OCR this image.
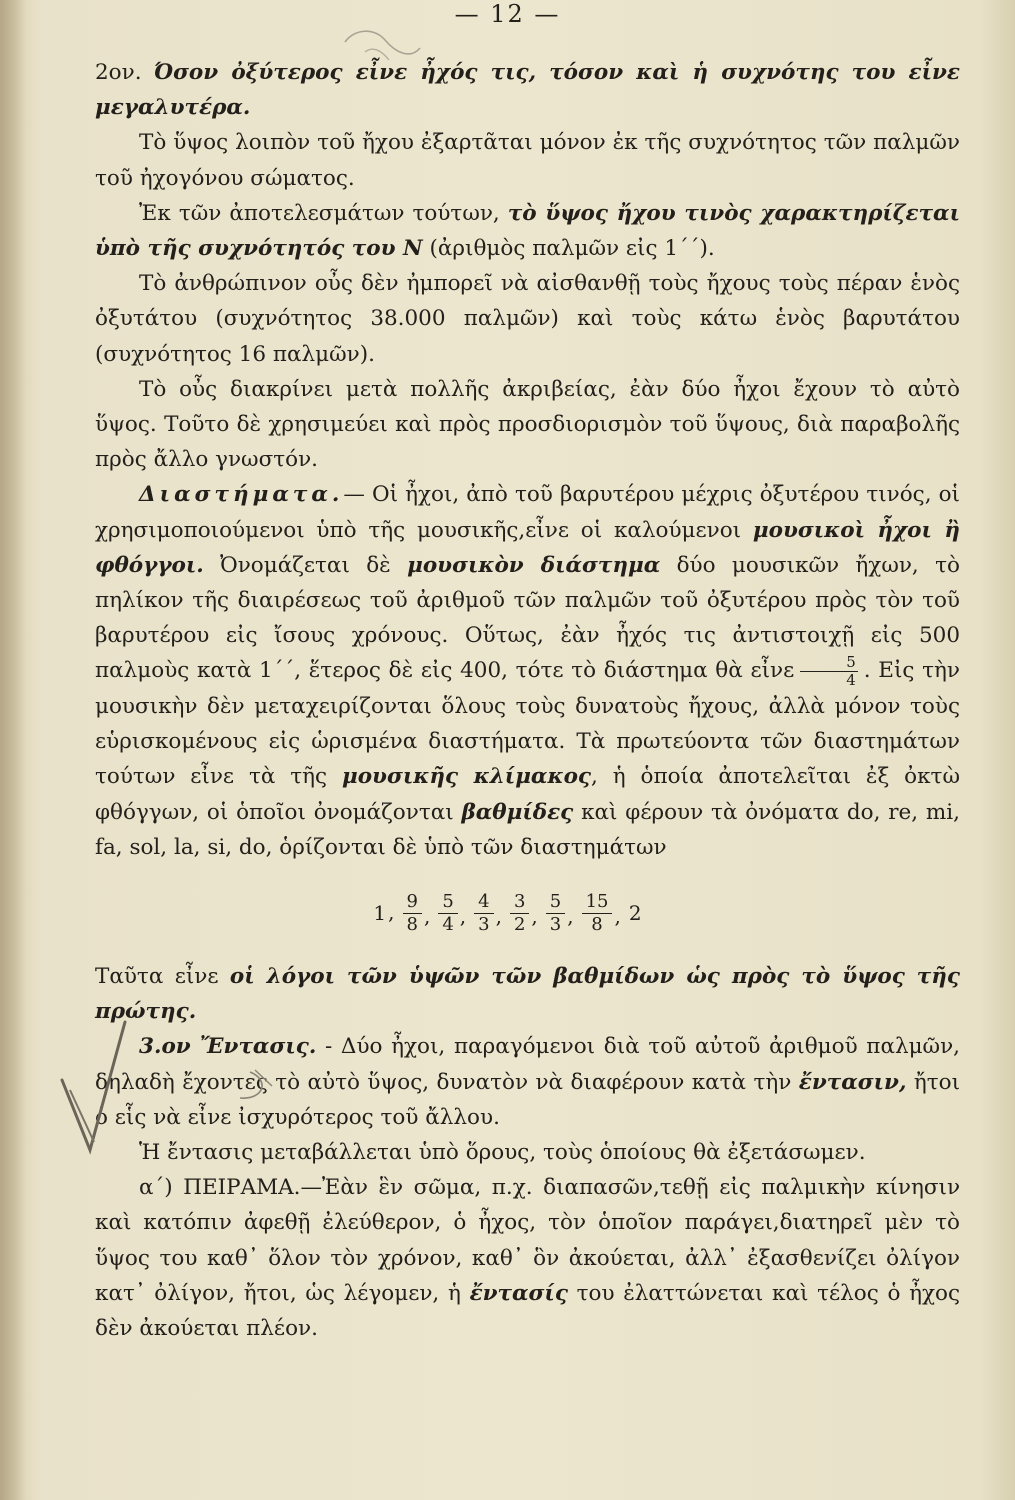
— 12 —

2ον. Όσον ὀξύτερος εἶνε ἦχός τις, τόσον καὶ ἡ συχνότης του εἶνε μεγαλυτέρα.

Τὸ ὕψος λοιπὸν τοῦ ἤχου ἐξαρτᾶται μόνον ἐκ τῆς συχνότητος τῶν παλμῶν τοῦ ἠχογόνου σώματος.

Ἐκ τῶν ἀποτελεσμάτων τούτων, τὸ ὕψος ἤχου τινὸς χαρακτηρίζεται ὑπὸ τῆς συχνότητός του N (ἀριθμὸς παλμῶν εἰς 1΄΄).

Τὸ ἀνθρώπινον οὖς δὲν ἠμπορεῖ νὰ αἰσθανθῇ τοὺς ἤχους τοὺς πέραν ἑνὸς ὀξυτάτου (συχνότητος 38.000 παλμῶν) καὶ τοὺς κάτω ἑνὸς βαρυτάτου (συχνότητος 16 παλμῶν).

Τὸ οὖς διακρίνει μετὰ πολλῆς ἀκριβείας, ἐὰν δύο ἦχοι ἔχουν τὸ αὐτὸ ὕψος. Τοῦτο δὲ χρησιμεύει καὶ πρὸς προσδιορισμὸν τοῦ ὕψους, διὰ παραβολῆς πρὸς ἄλλο γνωστόν.

Διαστήματα.— Οἱ ἦχοι, ἀπὸ τοῦ βαρυτέρου μέχρις ὀξυτέρου τινός, οἱ χρησιμοποιούμενοι ὑπὸ τῆς μουσικῆς,εἶνε οἱ καλούμενοι μουσικοὶ ἦχοι ἢ φθόγγοι. Ὀνομάζεται δὲ μουσικὸν διάστημα δύο μουσικῶν ἤχων, τὸ πηλίκον τῆς διαιρέσεως τοῦ ἀριθμοῦ τῶν παλμῶν τοῦ ὀξυτέρου πρὸς τὸν τοῦ βαρυτέρου εἰς ἴσους χρόνους. Οὕτως, ἐὰν ἦχός τις ἀντιστοιχῇ εἰς 500 παλμοὺς κατὰ 1΄΄, ἕτερος δὲ εἰς 400, τότε τὸ διάστημα θὰ εἶνε $\frac{5}{4}$ . Εἰς τὴν μουσικὴν δὲν μεταχειρίζονται ὅλους τοὺς δυνατοὺς ἤχους, ἀλλὰ μόνον τοὺς εὑρισκομένους εἰς ὡρισμένα διαστήματα. Τὰ πρωτεύοντα τῶν διαστημάτων τούτων εἶνε τὰ τῆς μουσικῆς κλίμακος, ἡ ὁποία ἀποτελεῖται ἐξ ὀκτὼ φθόγγων, οἱ ὁποῖοι ὀνομάζονται βαθμίδες καὶ φέρουν τὰ ὀνόματα do, re, mi, fa, sol, la, si, do, ὁρίζονται δὲ ὑπὸ τῶν διαστημάτων

1 , 9
8 ,
5
4 ,
4
3 ,
3
2 ,
5
3 ,
15
8 , 2

Ταῦτα εἶνε οἱ λόγοι τῶν ὑψῶν τῶν βαθμίδων ὡς πρὸς τὸ ὕψος τῆς πρώτης.

3.ον Ἔντασις. - Δύο ἦχοι, παραγόμενοι διὰ τοῦ αὐτοῦ ἀριθμοῦ παλμῶν, δηλαδὴ ἔχοντες τὸ αὐτὸ ὕψος, δυνατὸν νὰ διαφέρουν κατὰ τὴν ἔντασιν, ἤτοι ὁ εἷς νὰ εἶνε ἰσχυρότερος τοῦ ἄλλου.

Ἡ ἔντασις μεταβάλλεται ὑπὸ ὅρους, τοὺς ὁποίους θὰ ἐξετάσωμεν.

α΄) ΠΕΙΡΑΜΑ.—Ἐὰν ἓν σῶμα, π.χ. διαπασῶν,τεθῇ εἰς παλμικὴν κίνησιν καὶ κατόπιν ἀφεθῇ ἐλεύθερον, ὁ ἦχος, τὸν ὁποῖον παράγει,διατηρεῖ μὲν τὸ ὕψος του καθ᾿ ὅλον τὸν χρόνον, καθ᾿ ὃν ἀκούεται, ἀλλ᾿ ἐξασθενίζει ὀλίγον κατ᾿ ὀλίγον, ἤτοι, ὡς λέγομεν, ἡ ἔντασίς του ἐλαττώνεται καὶ τέλος ὁ ἦχος δὲν ἀκούεται πλέον.
